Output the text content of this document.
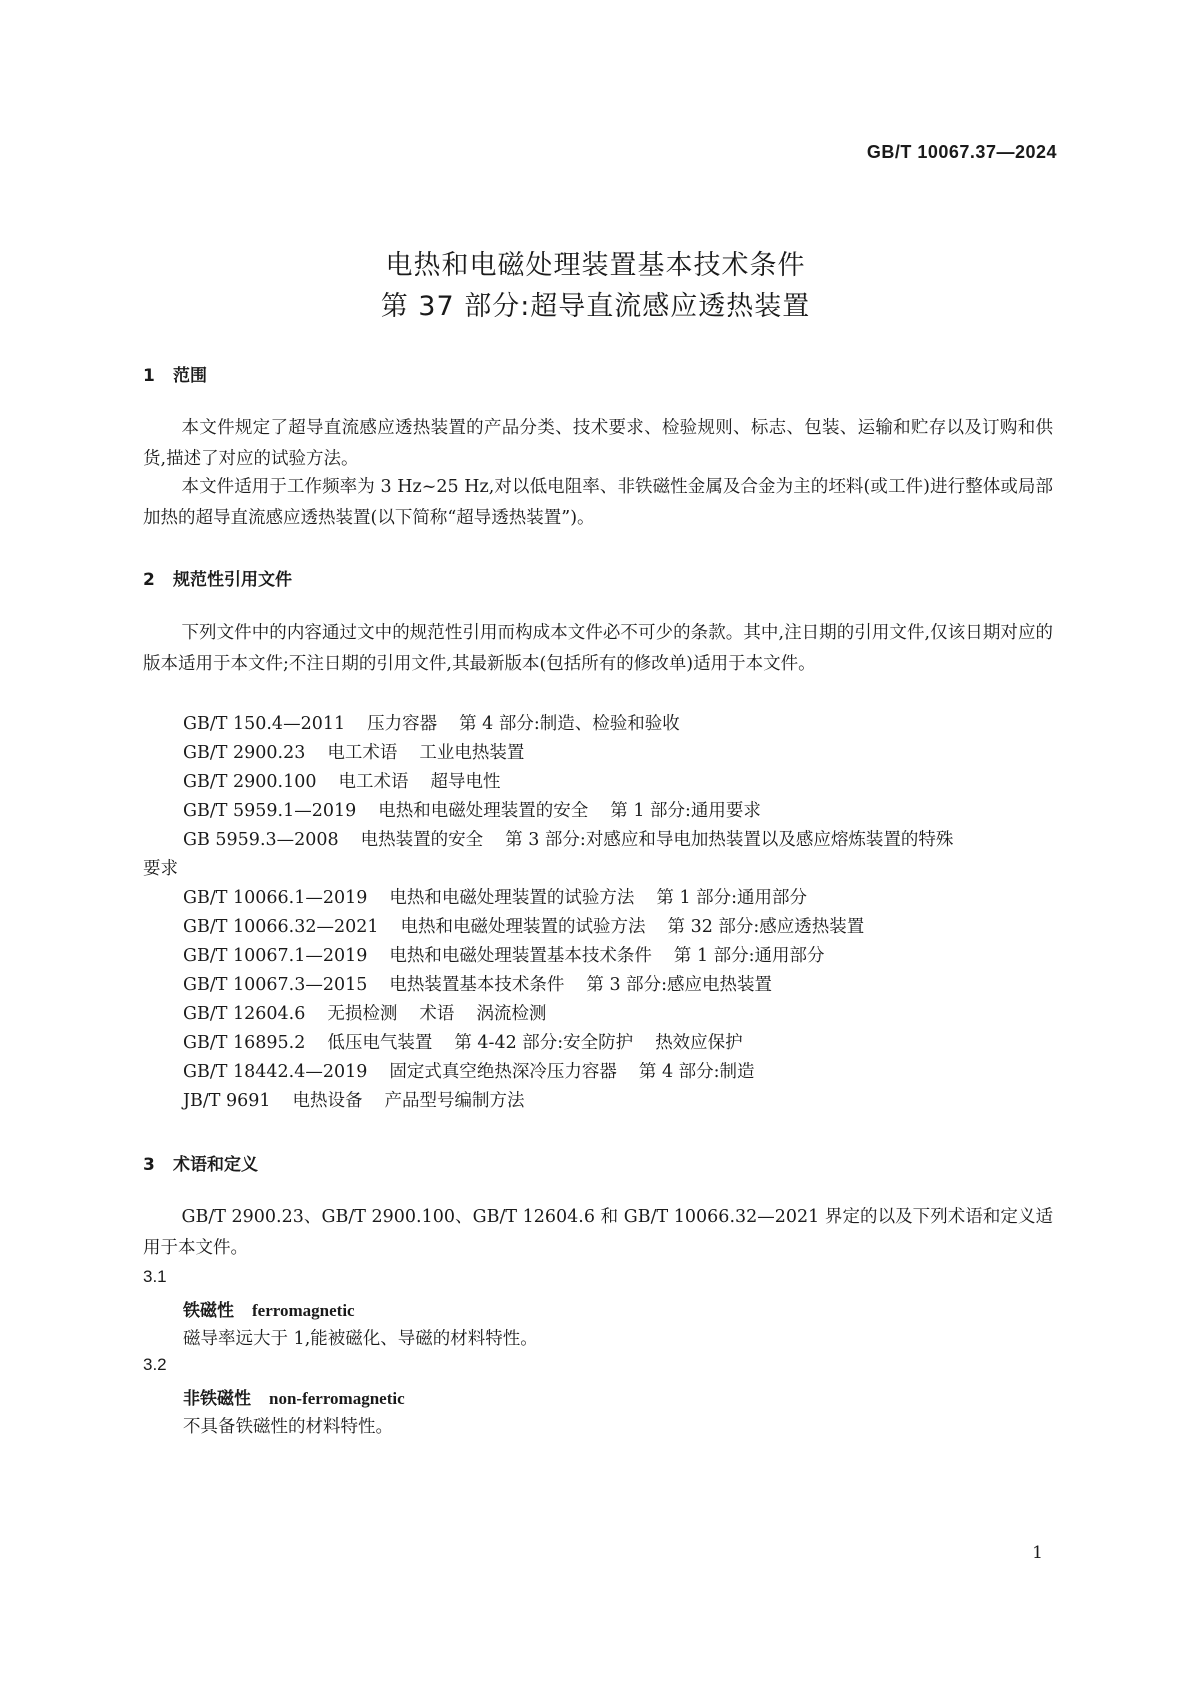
GB/T 10067.37—2024
电热和电磁处理装置基本技术条件
第 37 部分:超导直流感应透热装置
1 范围
本文件规定了超导直流感应透热装置的产品分类、技术要求、检验规则、标志、包装、运输和贮存以及订购和供货,描述了对应的试验方法。
本文件适用于工作频率为 3 Hz~25 Hz,对以低电阻率、非铁磁性金属及合金为主的坯料(或工件)进行整体或局部加热的超导直流感应透热装置(以下简称“超导透热装置”)。
2 规范性引用文件
下列文件中的内容通过文中的规范性引用而构成本文件必不可少的条款。其中,注日期的引用文件,仅该日期对应的版本适用于本文件;不注日期的引用文件,其最新版本(包括所有的修改单)适用于本文件。
GB/T 150.4—2011 压力容器 第 4 部分:制造、检验和验收
GB/T 2900.23 电工术语 工业电热装置
GB/T 2900.100 电工术语 超导电性
GB/T 5959.1—2019 电热和电磁处理装置的安全 第 1 部分:通用要求
GB 5959.3—2008 电热装置的安全 第 3 部分:对感应和导电加热装置以及感应熔炼装置的特殊
要求
GB/T 10066.1—2019 电热和电磁处理装置的试验方法 第 1 部分:通用部分
GB/T 10066.32—2021 电热和电磁处理装置的试验方法 第 32 部分:感应透热装置
GB/T 10067.1—2019 电热和电磁处理装置基本技术条件 第 1 部分:通用部分
GB/T 10067.3—2015 电热装置基本技术条件 第 3 部分:感应电热装置
GB/T 12604.6 无损检测 术语 涡流检测
GB/T 16895.2 低压电气装置 第 4-42 部分:安全防护 热效应保护
GB/T 18442.4—2019 固定式真空绝热深冷压力容器 第 4 部分:制造
JB/T 9691 电热设备 产品型号编制方法
3 术语和定义
GB/T 2900.23、GB/T 2900.100、GB/T 12604.6 和 GB/T 10066.32—2021 界定的以及下列术语和定义适用于本文件。
3.1
铁磁性 ferromagnetic
磁导率远大于 1,能被磁化、导磁的材料特性。
3.2
非铁磁性 non-ferromagnetic
不具备铁磁性的材料特性。
1
